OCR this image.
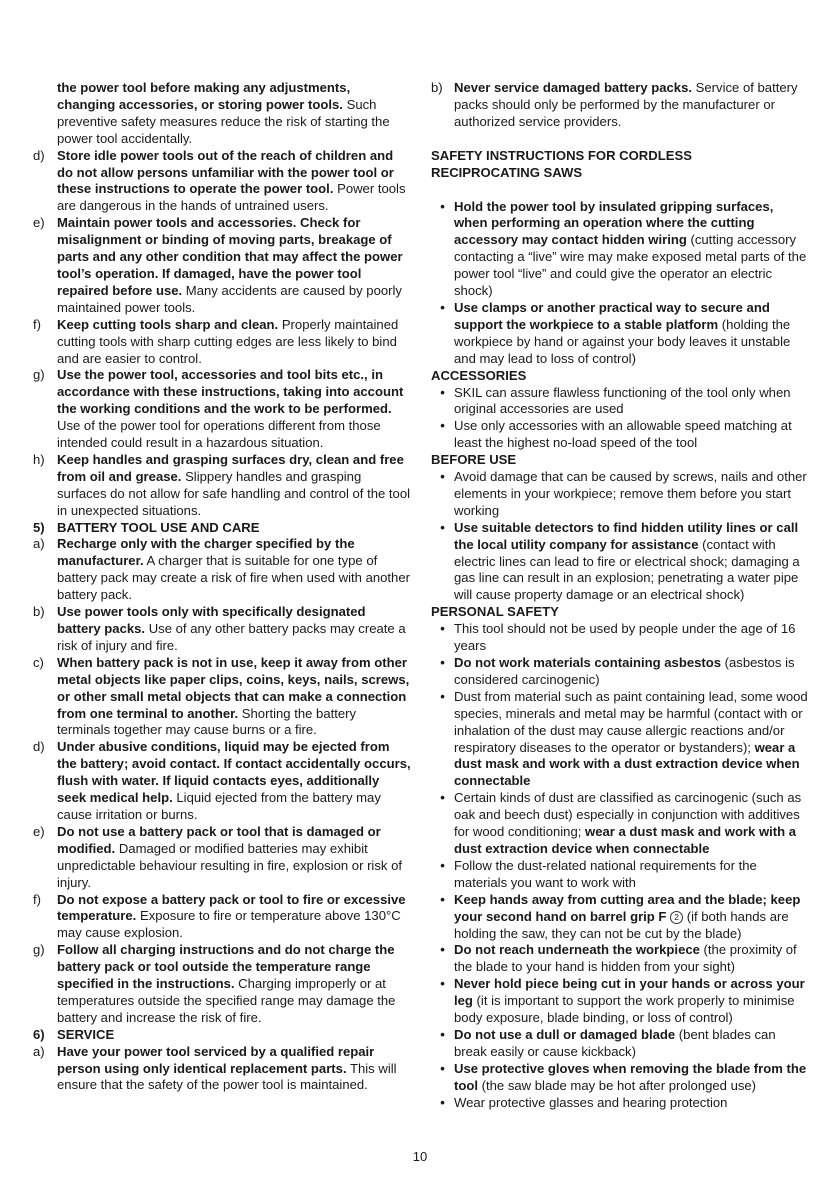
the power tool before making any adjustments, changing accessories, or storing power tools. Such preventive safety measures reduce the risk of starting the power tool accidentally.
d) Store idle power tools out of the reach of children and do not allow persons unfamiliar with the power tool or these instructions to operate the power tool. Power tools are dangerous in the hands of untrained users.
e) Maintain power tools and accessories. Check for misalignment or binding of moving parts, breakage of parts and any other condition that may affect the power tool’s operation. If damaged, have the power tool repaired before use. Many accidents are caused by poorly maintained power tools.
f)	Keep cutting tools sharp and clean. Properly maintained cutting tools with sharp cutting edges are less likely to bind and are easier to control.
g) Use the power tool, accessories and tool bits etc., in accordance with these instructions, taking into account the working conditions and the work to be performed. Use of the power tool for operations different from those intended could result in a hazardous situation.
h) Keep handles and grasping surfaces dry, clean and free from oil and grease. Slippery handles and grasping surfaces do not allow for safe handling and control of the tool in unexpected situations.
5) BATTERY TOOL USE AND CARE
a) Recharge only with the charger specified by the manufacturer. A charger that is suitable for one type of battery pack may create a risk of fire when used with another battery pack.
b) Use power tools only with specifically designated battery packs. Use of any other battery packs may create a risk of injury and fire.
c) When battery pack is not in use, keep it away from other metal objects like paper clips, coins, keys, nails, screws, or other small metal objects that can make a connection from one terminal to another. Shorting the battery terminals together may cause burns or a fire.
d) Under abusive conditions, liquid may be ejected from the battery; avoid contact. If contact accidentally occurs, flush with water. If liquid contacts eyes, additionally seek medical help. Liquid ejected from the battery may cause irritation or burns.
e) Do not use a battery pack or tool that is damaged or modified. Damaged or modified batteries may exhibit unpredictable behaviour resulting in fire, explosion or risk of injury.
f)	Do not expose a battery pack or tool to fire or excessive temperature. Exposure to fire or temperature above 130°C may cause explosion.
g) Follow all charging instructions and do not charge the battery pack or tool outside the temperature range specified in the instructions. Charging improperly or at temperatures outside the specified range may damage the battery and increase the risk of fire.
6) SERVICE
a) Have your power tool serviced by a qualified repair person using only identical replacement parts. This will ensure that the safety of the power tool is maintained.
b) Never service damaged battery packs. Service of battery packs should only be performed by the manufacturer or authorized service providers.
SAFETY INSTRUCTIONS FOR CORDLESS
RECIPROCATING SAWS
• Hold the power tool by insulated gripping surfaces, when performing an operation where the cutting accessory may contact hidden wiring (cutting accessory contacting a “live” wire may make exposed metal parts of the power tool “live” and could give the operator an electric shock)
• Use clamps or another practical way to secure and support the workpiece to a stable platform (holding the workpiece by hand or against your body leaves it unstable and may lead to loss of control)
ACCESSORIES
• SKIL can assure flawless functioning of the tool only when original accessories are used
• Use only accessories with an allowable speed matching at least the highest no-load speed of the tool
BEFORE USE
• Avoid damage that can be caused by screws, nails and other elements in your workpiece; remove them before you start working
• Use suitable detectors to find hidden utility lines or call the local utility company for assistance (contact with electric lines can lead to fire or electrical shock; damaging a gas line can result in an explosion; penetrating a water pipe will cause property damage or an electrical shock)
PERSONAL SAFETY
• This tool should not be used by people under the age of 16 years
• Do not work materials containing asbestos (asbestos is considered carcinogenic)
• Dust from material such as paint containing lead, some wood species, minerals and metal may be harmful (contact with or inhalation of the dust may cause allergic reactions and/or respiratory diseases to the operator or bystanders); wear a dust mask and work with a dust extraction device when connectable
• Certain kinds of dust are classified as carcinogenic (such as oak and beech dust) especially in conjunction with additives for wood conditioning; wear a dust mask and work with a dust extraction device when connectable
• Follow the dust-related national requirements for the materials you want to work with
• Keep hands away from cutting area and the blade; keep your second hand on barrel grip F 2 (if both hands are holding the saw, they can not be cut by the blade)
• Do not reach underneath the workpiece (the proximity of the blade to your hand is hidden from your sight)
• Never hold piece being cut in your hands or across your leg (it is important to support the work properly to minimise body exposure, blade binding, or loss of control)
• Do not use a dull or damaged blade (bent blades can break easily or cause kickback)
• Use protective gloves when removing the blade from the tool (the saw blade may be hot after prolonged use)
• Wear protective glasses and hearing protection
10
